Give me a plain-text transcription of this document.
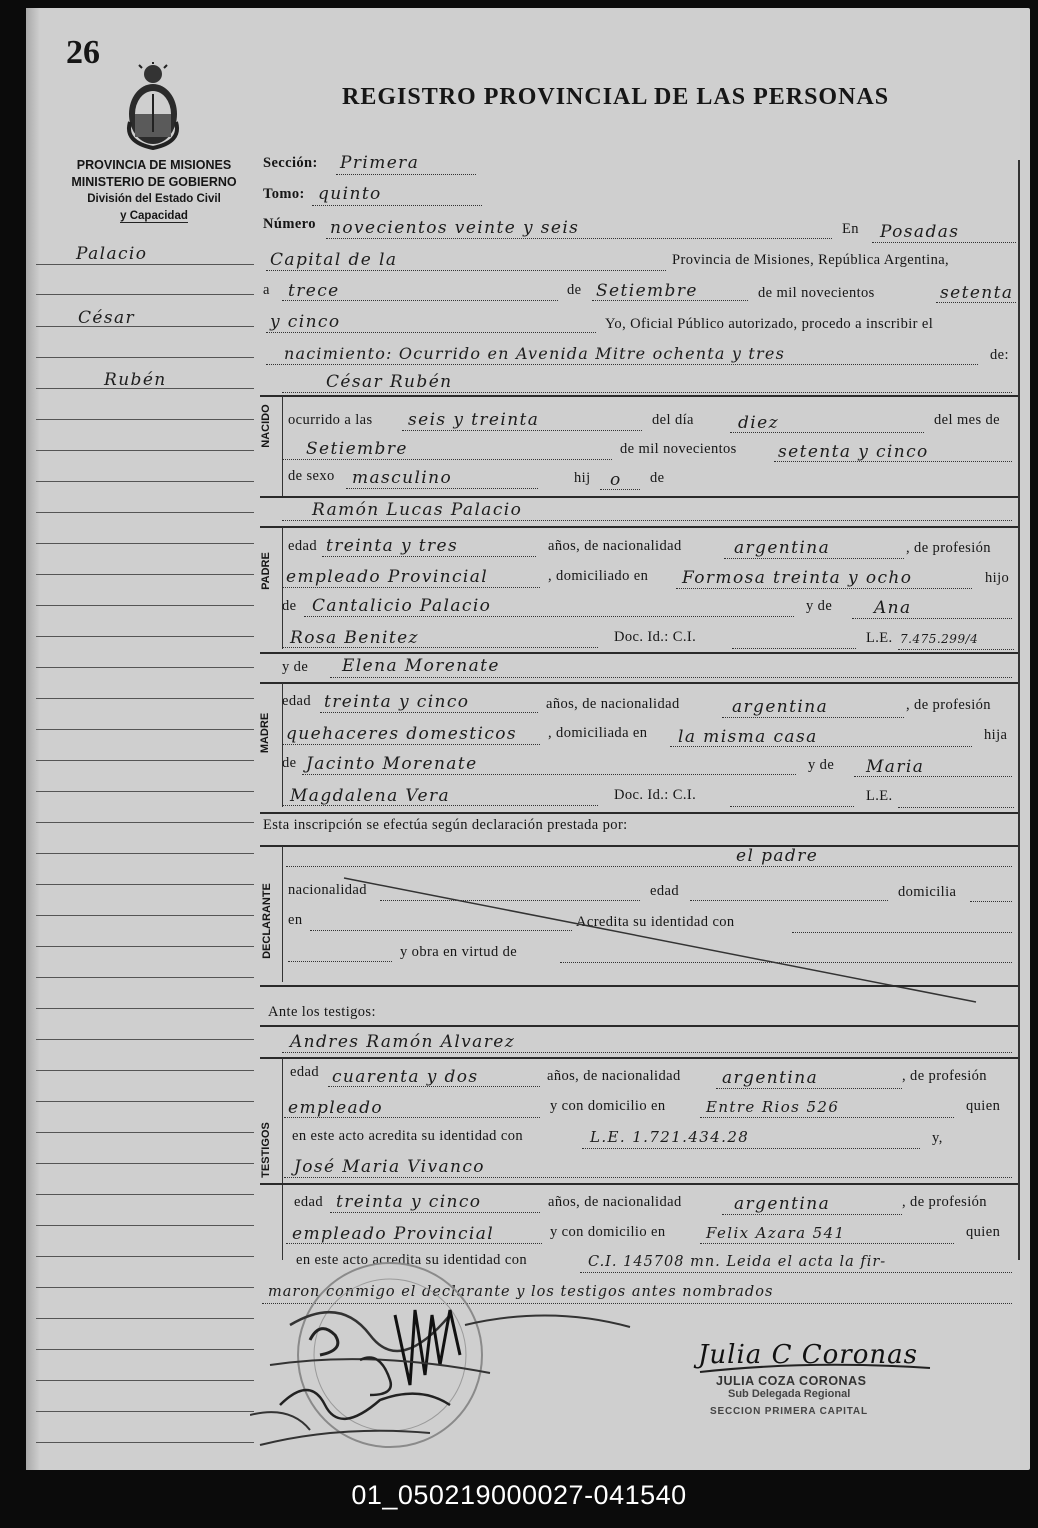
26
REGISTRO PROVINCIAL DE LAS PERSONAS
PROVINCIA DE MISIONES
MINISTERIO DE GOBIERNO
División del Estado Civil
y Capacidad
Palacio
César
Rubén
Sección: Primera
Tomo: quinto
Número novecientos veinte y seis	En Posadas
Capital de la	Provincia de Misiones, República Argentina,
a trece	de Setiembre	de mil novecientos	setenta
y cinco	Yo, Oficial Público autorizado, procedo a inscribir el
nacimiento: Ocurrido en Avenida Mitre ochenta y tres	de:
NACIDO
César Rubén
ocurrido a las seis y treinta	del día	diez	del mes de
Setiembre	de mil novecientos setenta y cinco
de sexo masculino	hij o de
Ramón Lucas Palacio
PADRE
edad treinta y tres	años, de nacionalidad	argentina	, de profesión
empleado Provincial	, domiciliado en Formosa treinta y ocho	hijo
de Cantalicio Palacio	y de Ana
Rosa Benitez	Doc. Id.: C.I.	L.E. 7.475.299/4
y de Elena Morenate
MADRE
edad treinta y cinco	años, de nacionalidad	argentina	, de profesión
quehaceres domesticos , domiciliada en la misma casa	hija
de Jacinto Morenate	y de Maria
Magdalena Vera	Doc. Id.: C.I.	L.E.
Esta inscripción se efectúa según declaración prestada por:
DECLARANTE
el padre
nacionalidad	edad	domicilia
en	Acredita su identidad con
y obra en virtud de
Ante los testigos:
Andres Ramón Alvarez
TESTIGOS
edad cuarenta y dos	años, de nacionalidad argentina	, de profesión
empleado	y con domicilio en	Entre Rios 526	quien
en este acto acredita su identidad con	L.E. 1.721.434.28	y,
José Maria Vivanco
edad treinta y cinco	años, de nacionalidad	argentina	, de profesión
empleado Provincial	y con domicilio en	Felix Azara 541	quien
en este acto acredita su identidad con	C.I. 145708 mn. Leida el acta la fir-
maron conmigo el declarante y los testigos antes nombrados
Julia C Coronas
JULIA COZA CORONAS
Sub Delegada Regional
SECCION PRIMERA CAPITAL
01_050219000027-041540
